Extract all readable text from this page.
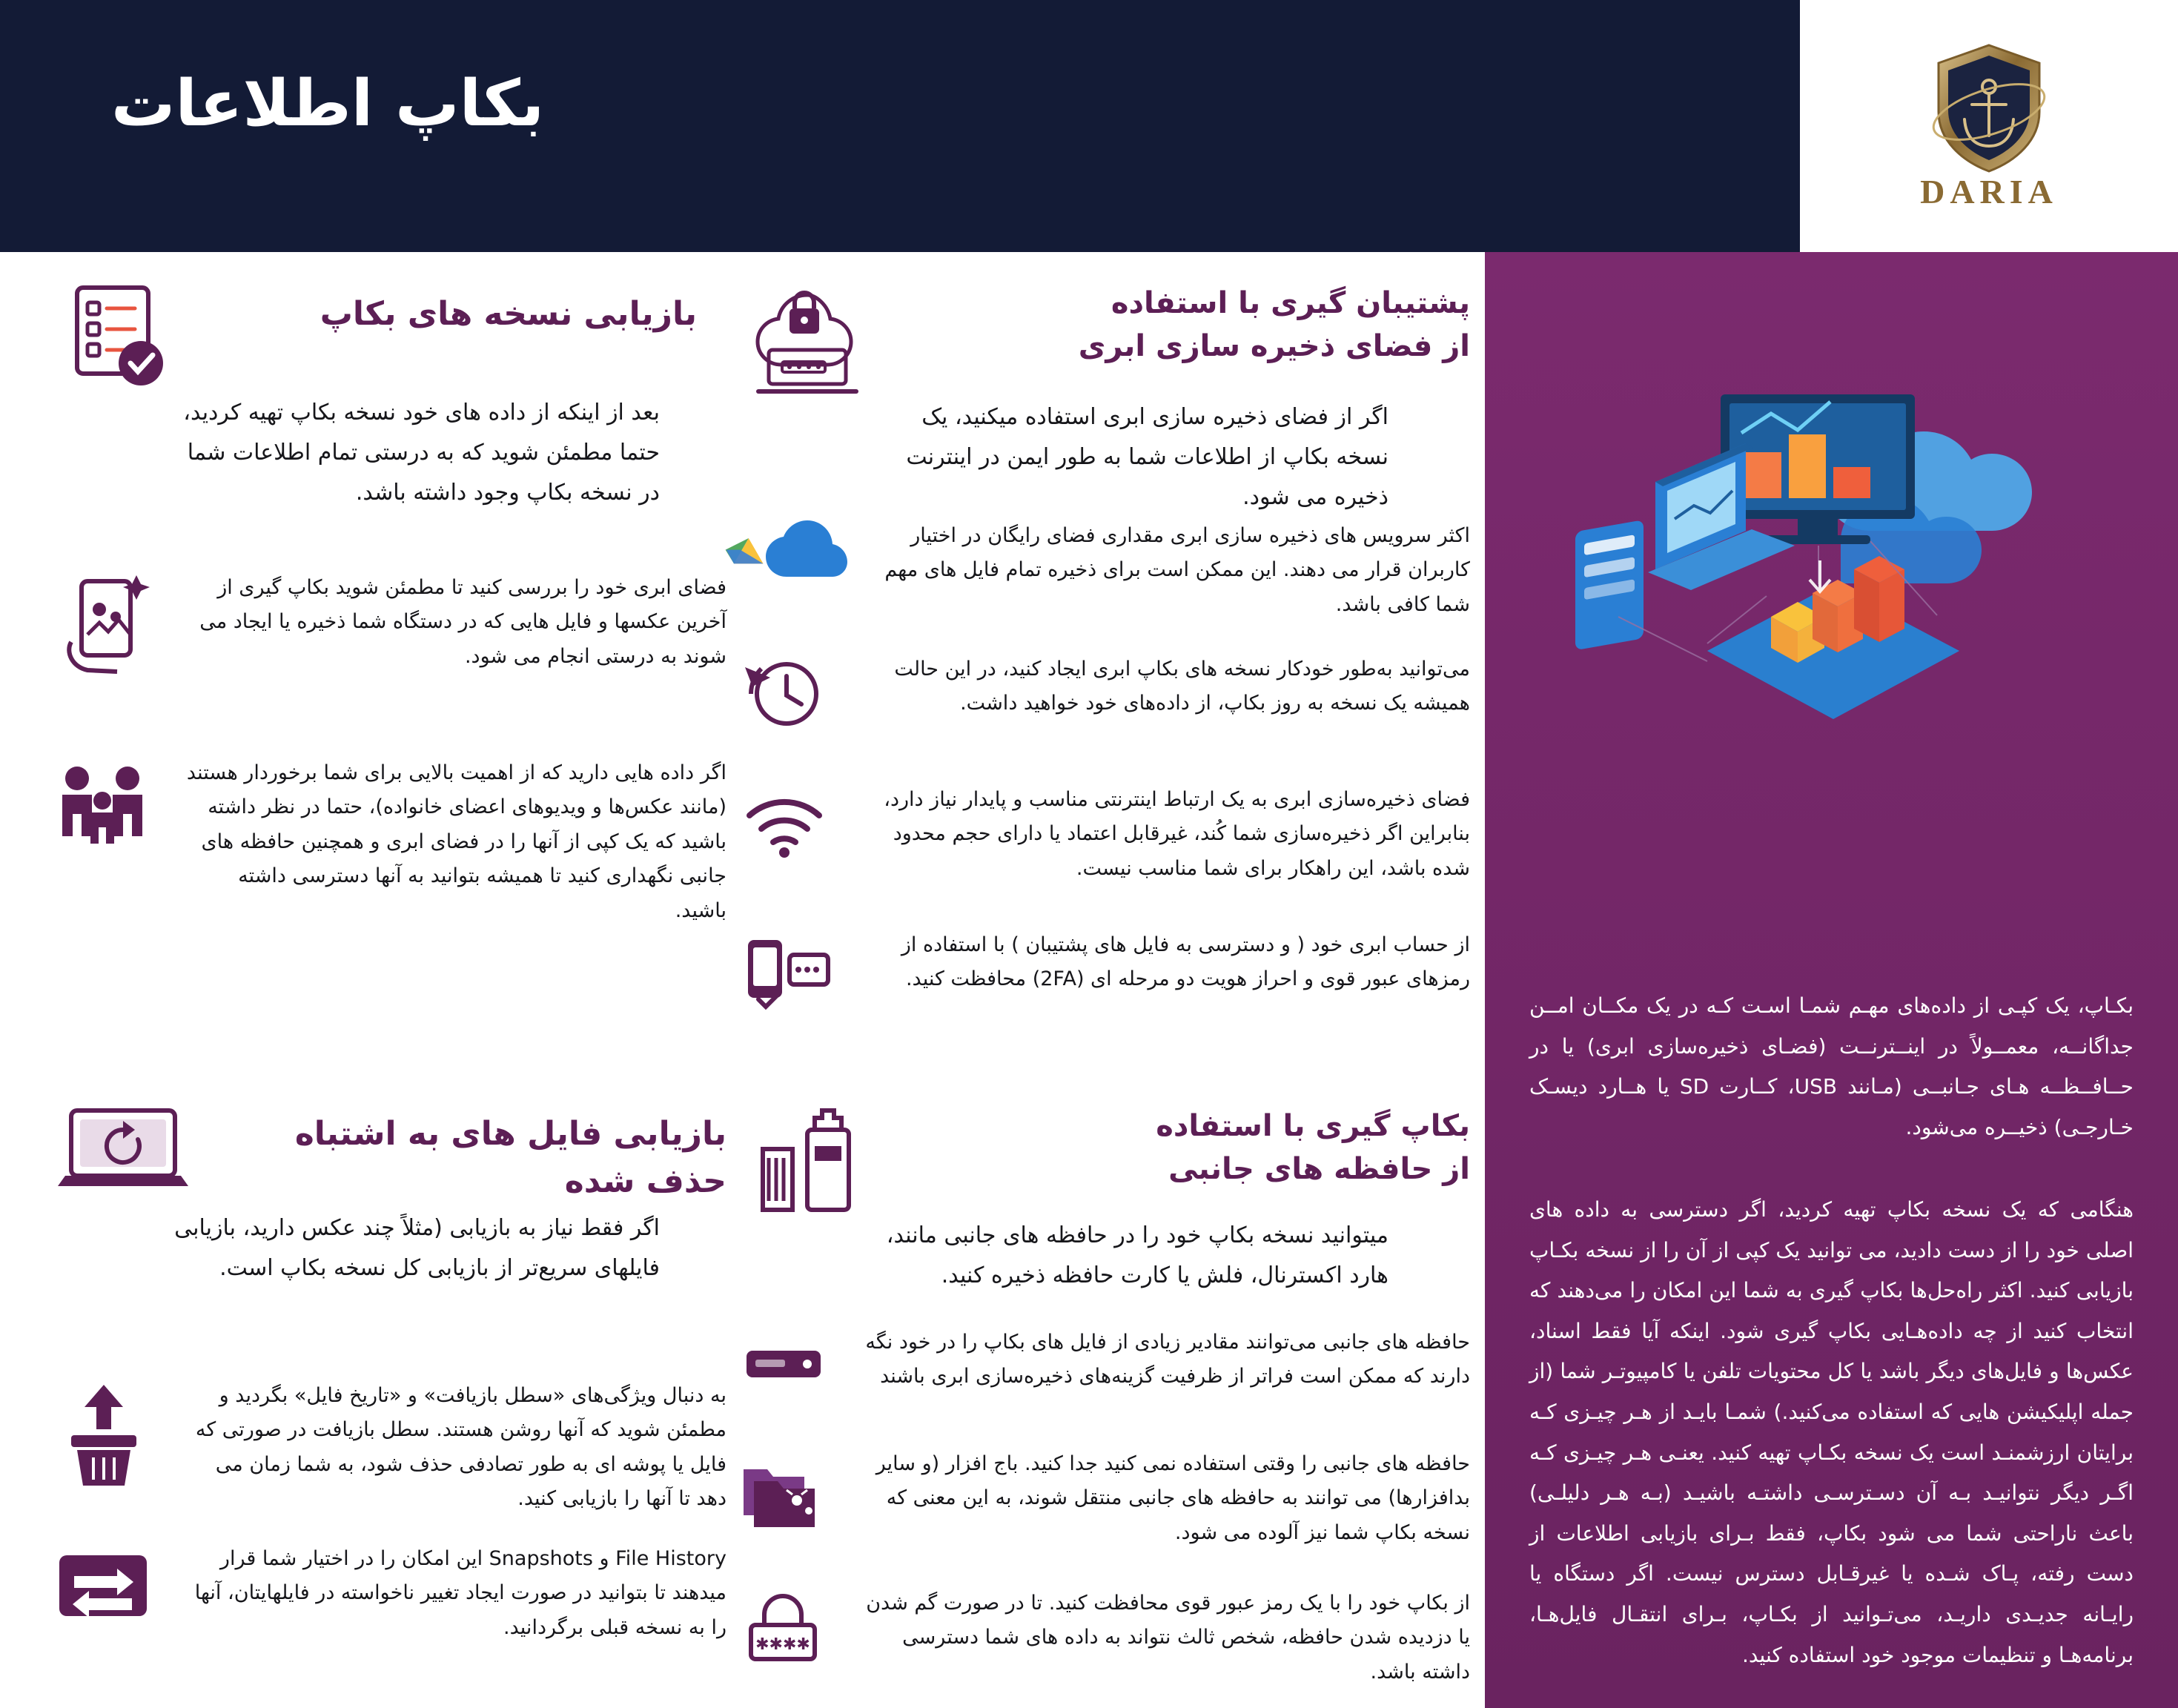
بکاپ اطلاعات
DARIA
بکـاپ، یک کپـی از داده‌های مهـم شمـا اسـت کـه در یک مکــان امــن جداگانــه، معمــولاً در اینــترنــت (فضـای ذخیره‌سازی ابری) یا در حــافــظــه هـای جـانبــی (مـانند USB، کــارت SD یا هــارد دیسـک خـارجـی) ذخیــره می‌شود.
هنگامی که یک نسخه بکاپ تهیه کردید، اگر دسترسی به داده های اصلی خود را از دست دادید، می توانید یک کپی از آن را از نسخه بکـاپ بازیابی کنید. اکثر راه‌حل‌ها بکاپ گیری به شما این امکان را می‌دهند که انتخاب کنید از چه داده‌هـایی بکاپ گیری شود. اینکه آیا فقط اسناد، عکس‌ها و فایل‌های دیگر باشد یا کل محتویات تلفن یا کامپیوتـر شما (از جمله اپلیکیشن هایی که استفاده می‌کنید.) شمـا بایـد از هـر چیـزی کـه برایتان ارزشمنـد است یک نسخه بکـاپ تهیه کنید. یعنـی هـر چیـزی کـه اگـر دیگر نتوانیـد بـه آن دسـترسـی داشتـه باشیـد (بـه هـر دلیلـی) باعث ناراحتی شما می شود بکاپ، فقط بـرای بازیابی اطلاعات از دست رفته، پـاک شـده یا غیرقـابل دسترس نیست. اگر دستگاه یا رایـانه جدیـدی داریـد، می‌تـوانید از بکـاپ، بـرای انتقـال فایل‌هـا، برنامه‌هـا و تنظیمات موجود خود استفاده کنید.
پشتیبان گیری با استفاده
از فضای ذخیره سازی ابری
اگر از فضای ذخیره سازی ابری استفاده میکنید، یک نسخه بکاپ از اطلاعات شما به طور ایمن در اینترنت ذخیره می شود.
اکثر سرویس های ذخیره سازی ابری مقداری فضای رایگان در اختیار کاربران قرار می دهند. این ممکن است برای ذخیره تمام فایل های مهم شما کافی باشد.
می‌توانید به‌طور خودکار نسخه های بکاپ ابری ایجاد کنید، در این حالت همیشه یک نسخه به روز بکاپ، از داده‌های خود خواهید داشت.
فضای ذخیره‌سازی ابری به یک ارتباط اینترنتی مناسب و پایدار نیاز دارد، بنابراین اگر ذخیره‌سازی شما کُند، غیرقابل اعتماد یا دارای حجم محدود شده باشد، این راهکار برای شما مناسب نیست.
از حساب ابری خود ( و دسترسی به فایل های پشتیبان ) با استفاده از رمزهای عبور قوی و احراز هویت دو مرحله ای (2FA) محافظت کنید.
بکاپ گیری با استفاده
از حافظه های جانبی
میتوانید نسخه بکاپ خود را در حافظه های جانبی مانند، هارد اکسترنال، فلش یا کارت حافظه ذخیره کنید.
حافظه های جانبی می‌توانند مقادیر زیادی از فایل های بکاپ را در خود نگه دارند که ممکن است فراتر از ظرفیت گزینه‌های ذخیره‌سازی ابری باشند
حافظه های جانبی را وقتی استفاده نمی کنید جدا کنید. باج افزار (و سایر بدافزارها) می توانند به حافظه های جانبی منتقل شوند، به این معنی که نسخه بکاپ شما نیز آلوده می شود.
✱✱✱✱
از بکاپ خود را با یک رمز عبور قوی محافظت کنید. تا در صورت گم شدن یا دزدیده شدن حافظه، شخص ثالث نتواند به داده های شما دسترسی داشته باشد.
بازیابی نسخه های بکاپ
بعد از اینکه از داده های خود نسخه بکاپ تهیه کردید، حتما مطمئن شوید که به درستی تمام اطلاعات شما در نسخه بکاپ وجود داشته باشد.
فضای ابری خود را بررسی کنید تا مطمئن شوید بکاپ گیری از آخرین عکسها و فایل هایی که در دستگاه شما ذخیره یا ایجاد می شوند به درستی انجام می شود.
اگر داده هایی دارید که از اهمیت بالایی برای شما برخوردار هستند (مانند عکس‌ها و ویدیوهای اعضای خانواده)، حتما در نظر داشته باشید که یک کپی از آنها را در فضای ابری و همچنین حافظه های جانبی نگهداری کنید تا همیشه بتوانید به آنها دسترسی داشته باشید.
بازیابی فایل های به اشتباه حذف شده
اگر فقط نیاز به بازیابی (مثلاً چند عکس دارید، بازیابی فایلهای سریع‌تر از بازیابی کل نسخه بکاپ است.
به دنبال ویژگی‌های «سطل بازیافت» و «تاریخ فایل» بگردید و مطمئن شوید که آنها روشن هستند. سطل بازیافت در صورتی که فایل یا پوشه ای به طور تصادفی حذف شود، به شما زمان می دهد تا آنها را بازیابی کنید.
File History و Snapshots این امکان را در اختیار شما قرار میدهند تا بتوانید در صورت ایجاد تغییر ناخواسته در فایلهایتان، آنها را به نسخه قبلی برگردانید.
